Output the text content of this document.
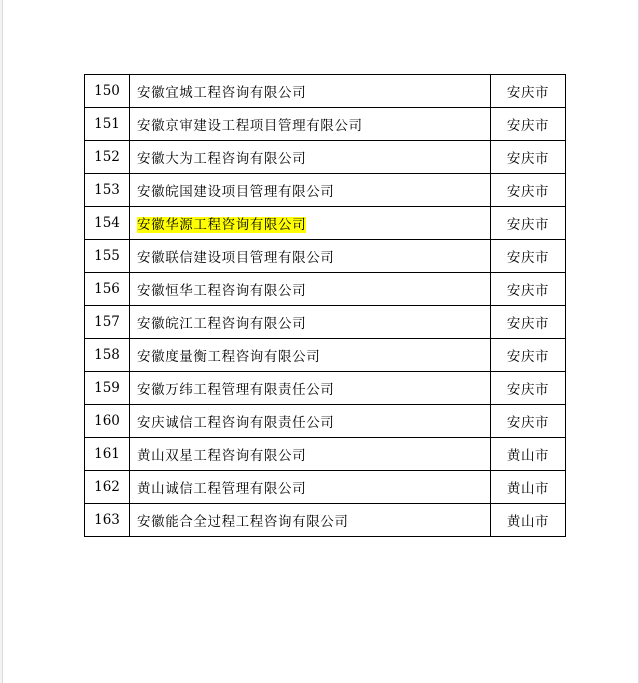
150	安徽宜城工程咨询有限公司	安庆市
151	安徽京审建设工程项目管理有限公司	安庆市
152	安徽大为工程咨询有限公司	安庆市
153	安徽皖国建设项目管理有限公司	安庆市
154	安徽华源工程咨询有限公司	安庆市
155	安徽联信建设项目管理有限公司	安庆市
156	安徽恒华工程咨询有限公司	安庆市
157	安徽皖江工程咨询有限公司	安庆市
158	安徽度量衡工程咨询有限公司	安庆市
159	安徽万纬工程管理有限责任公司	安庆市
160	安庆诚信工程咨询有限责任公司	安庆市
161	黄山双星工程咨询有限公司	黄山市
162	黄山诚信工程管理有限公司	黄山市
163	安徽能合全过程工程咨询有限公司	黄山市
